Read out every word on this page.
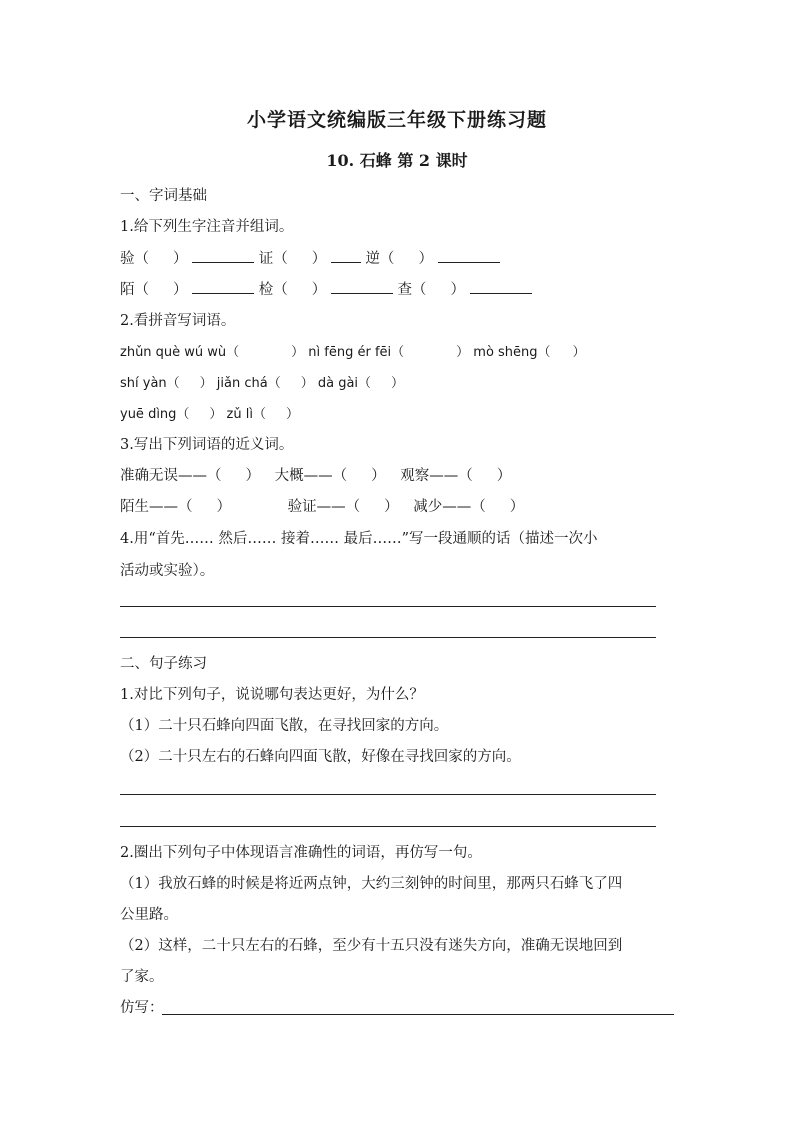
小学语文统编版三年级下册练习题
10. 石蜂 第 2 课时
一、字词基础
1.给下列生字注音并组词。
验（ ）	证（ ）	逆（ ）
陌（ ）	检（ ）	查（ ）
2.看拼音写词语。
zhǔn què wú wù（	） nì fēng ér fēi（	） mò shēng（ ）
shí yàn（ ） jiǎn chá（ ） dà gài（ ）
yuē dìng（ ） zǔ lì（ ）
3.写出下列词语的近义词。
准确无误——（ ） 大概——（ ） 观察——（ ）
陌生——（ ）	验证——（ ） 减少——（ ）
4.用“首先…… 然后…… 接着…… 最后……”写一段通顺的话（描述一次小
活动或实验）。
二、句子练习
1.对比下列句子，说说哪句表达更好，为什么？
（1）二十只石蜂向四面飞散，在寻找回家的方向。
（2）二十只左右的石蜂向四面飞散，好像在寻找回家的方向。
2.圈出下列句子中体现语言准确性的词语，再仿写一句。
（1）我放石蜂的时候是将近两点钟，大约三刻钟的时间里，那两只石蜂飞了四
公里路。
（2）这样，二十只左右的石蜂，至少有十五只没有迷失方向，准确无误地回到
了家。
仿写：
